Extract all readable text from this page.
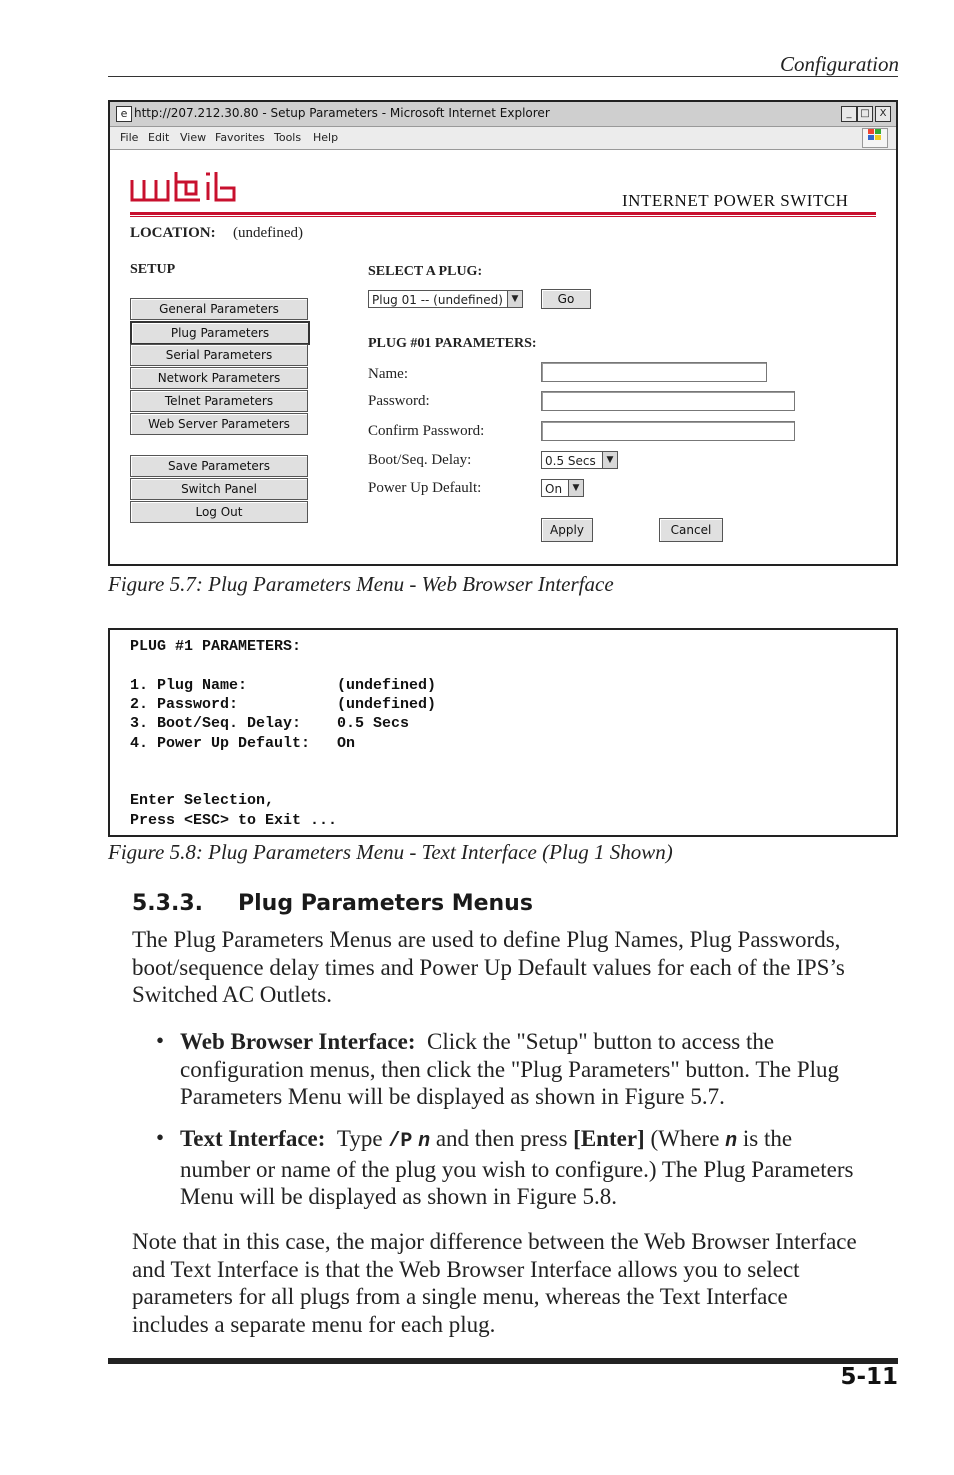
Configuration
e http://207.212.30.80 - Setup Parameters - Microsoft Internet Explorer	_ □ X
File Edit View Favorites Tools Help
INTERNET POWER SWITCH
LOCATION: (undefined)
SETUP
General Parameters
Plug Parameters
Serial Parameters
Network Parameters
Telnet Parameters
Web Server Parameters
Save Parameters
Switch Panel
Log Out
SELECT A PLUG:
Plug 01 -- (undefined) ▼	Go
PLUG #01 PARAMETERS:
Name:
Password:
Confirm Password:
Boot/Seq. Delay:	0.5 Secs	▼
Power Up Default:	On	▼
Apply	Cancel
Figure 5.7: Plug Parameters Menu - Web Browser Interface
PLUG #1 PARAMETERS:
1. Plug Name:          (undefined)
2. Password:           (undefined)
3. Boot/Seq. Delay:    0.5 Secs
4. Power Up Default:   On
Enter Selection,
Press <ESC> to Exit ...
Figure 5.8: Plug Parameters Menu - Text Interface (Plug 1 Shown)
5.3.3. Plug Parameters Menus
The Plug Parameters Menus are used to define Plug Names, Plug Passwords,
boot/sequence delay times and Power Up Default values for each of the IPS’s
Switched AC Outlets.
• Web Browser Interface: Click the "Setup" button to access the
configuration menus, then click the "Plug Parameters" button. The Plug
Parameters Menu will be displayed as shown in Figure 5.7.
• Text Interface: Type /P n and then press [Enter] (Where n is the
number or name of the plug you wish to configure.) The Plug Parameters
Menu will be displayed as shown in Figure 5.8.
Note that in this case, the major difference between the Web Browser Interface
and Text Interface is that the Web Browser Interface allows you to select
parameters for all plugs from a single menu, whereas the Text Interface
includes a separate menu for each plug.
5-11
